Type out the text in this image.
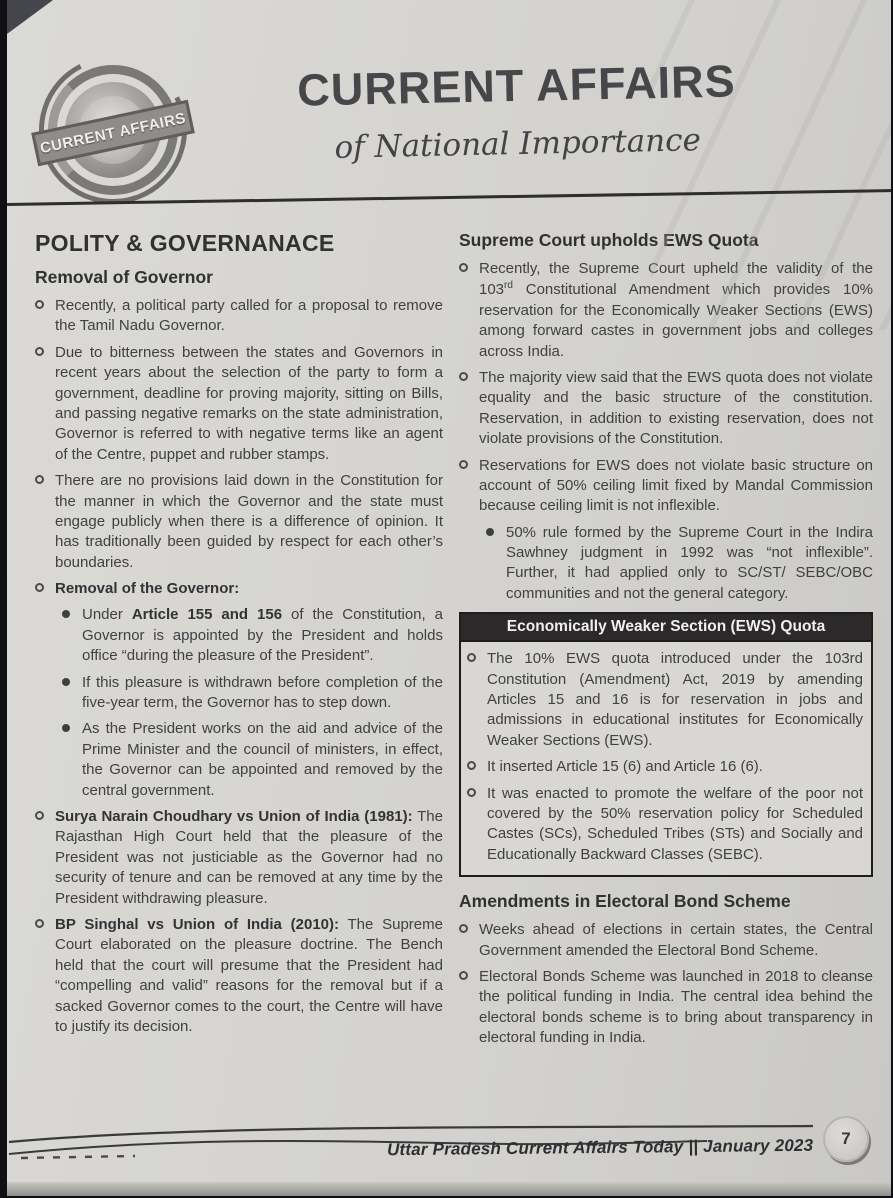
CURRENT AFFAIRS
CURRENT AFFAIRS
of National Importance
POLITY & GOVERNANACE
Removal of Governor
Recently, a political party called for a proposal to remove the Tamil Nadu Governor.
Due to bitterness between the states and Governors in recent years about the selection of the party to form a government, deadline for proving majority, sitting on Bills, and passing negative remarks on the state administration, Governor is referred to with negative terms like an agent of the Centre, puppet and rubber stamps.
There are no provisions laid down in the Constitution for the manner in which the Governor and the state must engage publicly when there is a difference of opinion. It has traditionally been guided by respect for each other’s boundaries.
Removal of the Governor:
Under Article 155 and 156 of the Constitution, a Governor is appointed by the President and holds office “during the pleasure of the President”.
If this pleasure is withdrawn before completion of the five-year term, the Governor has to step down.
As the President works on the aid and advice of the Prime Minister and the council of ministers, in effect, the Governor can be appointed and removed by the central government.
Surya Narain Choudhary vs Union of India (1981): The Rajasthan High Court held that the pleasure of the President was not justiciable as the Governor had no security of tenure and can be removed at any time by the President withdrawing pleasure.
BP Singhal vs Union of India (2010): The Supreme Court elaborated on the pleasure doctrine. The Bench held that the court will presume that the President had “compelling and valid” reasons for the removal but if a sacked Governor comes to the court, the Centre will have to justify its decision.
Supreme Court upholds EWS Quota
Recently, the Supreme Court upheld the validity of the 103rd Constitutional Amendment which provides 10% reservation for the Economically Weaker Sections (EWS) among forward castes in government jobs and colleges across India.
The majority view said that the EWS quota does not violate equality and the basic structure of the constitution. Reservation, in addition to existing reservation, does not violate provisions of the Constitution.
Reservations for EWS does not violate basic structure on account of 50% ceiling limit fixed by Mandal Commission because ceiling limit is not inflexible.
50% rule formed by the Supreme Court in the Indira Sawhney judgment in 1992 was “not inflexible”. Further, it had applied only to SC/ST/ SEBC/OBC communities and not the general category.
Economically Weaker Section (EWS) Quota
The 10% EWS quota introduced under the 103rd Constitution (Amendment) Act, 2019 by amending Articles 15 and 16 is for reservation in jobs and admissions in educational institutes for Economically Weaker Sections (EWS).
It inserted Article 15 (6) and Article 16 (6).
It was enacted to promote the welfare of the poor not covered by the 50% reservation policy for Scheduled Castes (SCs), Scheduled Tribes (STs) and Socially and Educationally Backward Classes (SEBC).
Amendments in Electoral Bond Scheme
Weeks ahead of elections in certain states, the Central Government amended the Electoral Bond Scheme.
Electoral Bonds Scheme was launched in 2018 to cleanse the political funding in India. The central idea behind the electoral bonds scheme is to bring about transparency in electoral funding in India.
Uttar Pradesh Current Affairs Today || January 2023 7
